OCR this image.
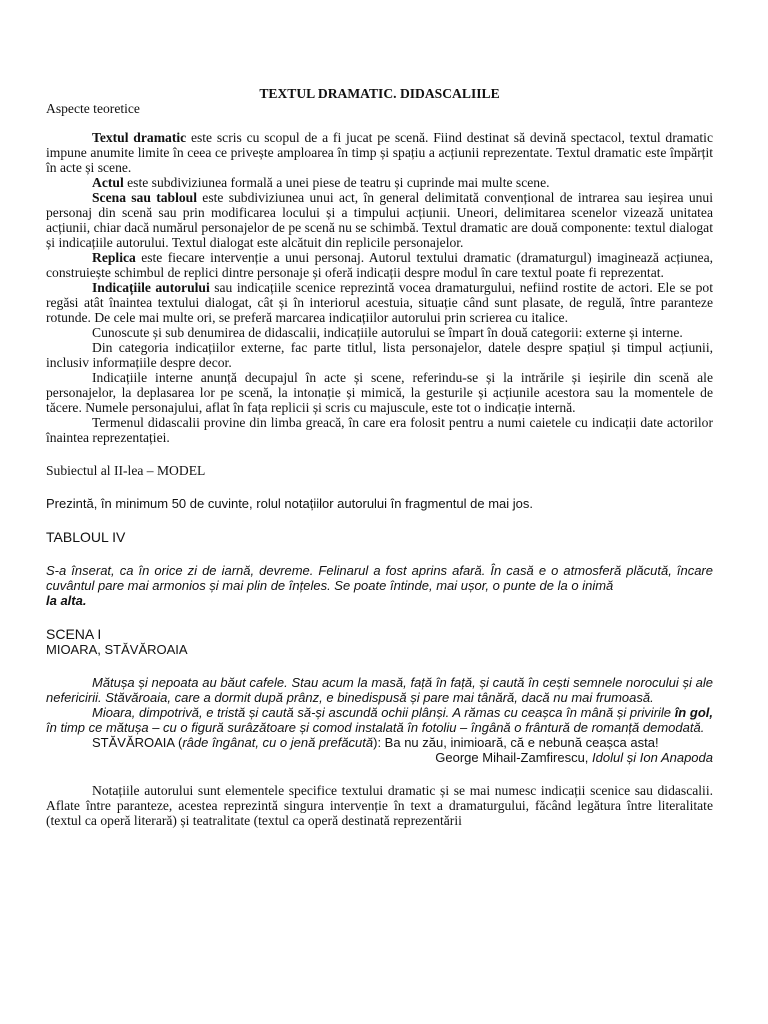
TEXTUL DRAMATIC. DIDASCALIILE

Aspecte teoretice

Textul dramatic este scris cu scopul de a fi jucat pe scenă. Fiind destinat să devină spectacol, textul dramatic impune anumite limite în ceea ce privește amploarea în timp și spațiu a acțiunii reprezentate. Textul dramatic este împărțit în acte și scene.

Actul este subdiviziunea formală a unei piese de teatru și cuprinde mai multe scene.

Scena sau tabloul este subdiviziunea unui act, în general delimitată convențional de intrarea sau ieșirea unui personaj din scenă sau prin modificarea locului și a timpului acțiunii. Uneori, delimitarea scenelor vizează unitatea acțiunii, chiar dacă numărul personajelor de pe scenă nu se schimbă. Textul dramatic are două componente: textul dialogat și indicațiile autorului. Textul dialogat este alcătuit din replicile personajelor.

Replica este fiecare intervenție a unui personaj. Autorul textului dramatic (dramaturgul) imaginează acțiunea, construiește schimbul de replici dintre personaje și oferă indicații despre modul în care textul poate fi reprezentat.

Indicațiile autorului sau indicațiile scenice reprezintă vocea dramaturgului, nefiind rostite de actori. Ele se pot regăsi atât înaintea textului dialogat, cât și în interiorul acestuia, situație când sunt plasate, de regulă, între paranteze rotunde. De cele mai multe ori, se preferă marcarea indicațiilor autorului prin scrierea cu italice.

Cunoscute și sub denumirea de didascalii, indicațiile autorului se împart în două categorii: externe și interne.

Din categoria indicațiilor externe, fac parte titlul, lista personajelor, datele despre spațiul și timpul acțiunii, inclusiv informațiile despre decor.

Indicațiile interne anunță decupajul în acte și scene, referindu-se și la intrările și ieșirile din scenă ale personajelor, la deplasarea lor pe scenă, la intonație și mimică, la gesturile și acțiunile acestora sau la momentele de tăcere. Numele personajului, aflat în fața replicii și scris cu majuscule, este tot o indicație internă.

Termenul didascalii provine din limba greacă, în care era folosit pentru a numi caietele cu indicații date actorilor înaintea reprezentației.

Subiectul al II-lea – MODEL

Prezintă, în minimum 50 de cuvinte, rolul notațiilor autorului în fragmentul de mai jos.

TABLOUL IV

S-a înserat, ca în orice zi de iarnă, devreme. Felinarul a fost aprins afară. În casă e o atmosferă plăcută, încare cuvântul pare mai armonios și mai plin de înțeles. Se poate întinde, mai ușor, o punte de la o inimă
la alta.

SCENA I

MIOARA, STĂVĂROAIA

Mătușa și nepoata au băut cafele. Stau acum la masă, față în față, și caută în cești semnele norocului și ale nefericirii. Stăvăroaia, care a dormit după prânz, e binedispusă și pare mai tânără, dacă nu mai frumoasă.

Mioara, dimpotrivă, e tristă și caută să-și ascundă ochii plânși. A rămas cu ceașca în mână și privirile în gol, în timp ce mătușa – cu o figură surâzătoare și comod instalată în fotoliu – îngână o frântură de romanță demodată.

STĂVĂROAIA (râde îngânat, cu o jenă prefăcută): Ba nu zău, inimioară, că e nebună ceașca asta!

George Mihail-Zamfirescu, Idolul și Ion Anapoda

Notațiile autorului sunt elementele specifice textului dramatic și se mai numesc indicații scenice sau didascalii. Aflate între paranteze, acestea reprezintă singura intervenție în text a dramaturgului, făcând legătura între literalitate (textul ca operă literară) și teatralitate (textul ca operă destinată reprezentării
